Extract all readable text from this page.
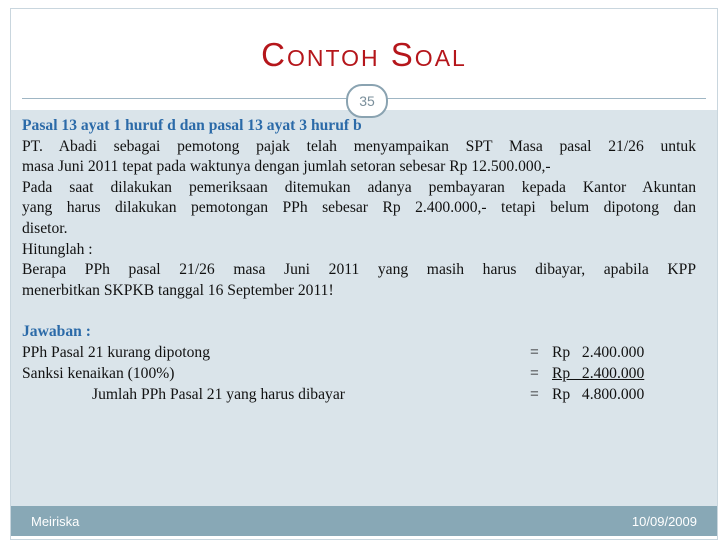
Contoh Soal
35
Pasal 13 ayat 1 huruf d dan pasal 13 ayat 3 huruf b
PT. Abadi sebagai pemotong pajak telah menyampaikan SPT Masa pasal 21/26 untuk
masa Juni 2011 tepat pada waktunya dengan jumlah setoran sebesar Rp 12.500.000,-
Pada saat dilakukan pemeriksaan ditemukan adanya pembayaran kepada Kantor Akuntan
yang harus dilakukan pemotongan PPh sebesar Rp 2.400.000,- tetapi belum dipotong dan
disetor.
Hitunglah :
Berapa PPh pasal 21/26 masa Juni 2011 yang masih harus dibayar, apabila KPP
menerbitkan SKPKB tanggal 16 September 2011!
Jawaban :
PPh Pasal 21 kurang dipotong	= Rp   2.400.000
Sanksi kenaikan (100%)	= Rp   2.400.000
Jumlah PPh Pasal 21 yang harus dibayar	= Rp   4.800.000
Meiriska	10/09/2009
